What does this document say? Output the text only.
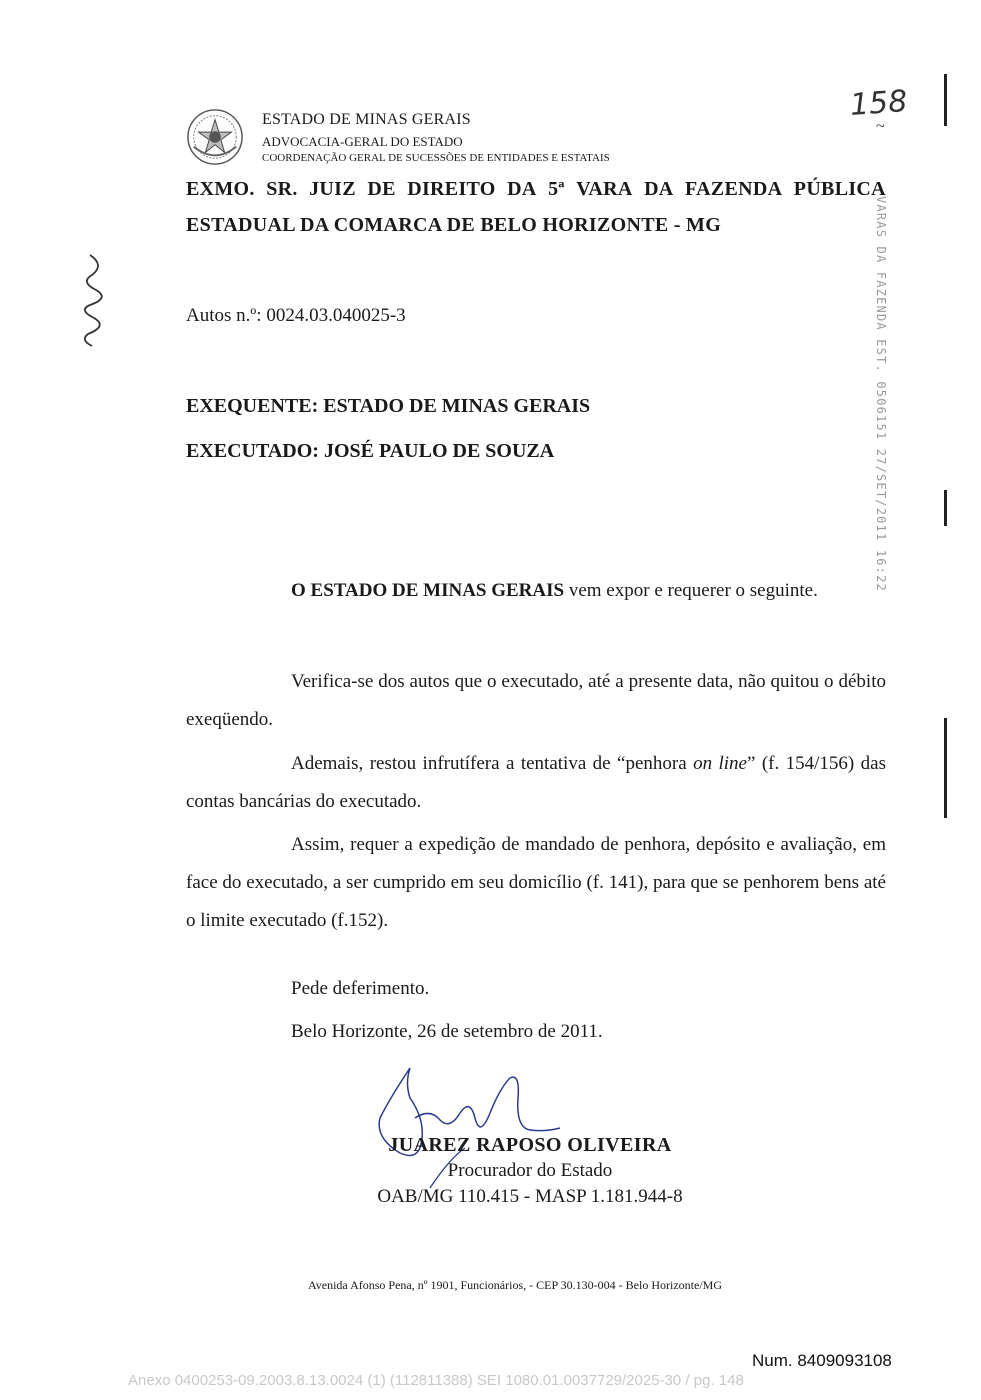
ESTADO DE MINAS GERAIS
ADVOCACIA-GERAL DO ESTADO
COORDENAÇÃO GERAL DE SUCESSÕES DE ENTIDADES E ESTATAIS
158
~
EXMO. SR. JUIZ DE DIREITO DA 5ª VARA DA FAZENDA PÚBLICA
ESTADUAL DA COMARCA DE BELO HORIZONTE - MG
Autos n.º: 0024.03.040025-3
EXEQUENTE: ESTADO DE MINAS GERAIS
EXECUTADO: JOSÉ PAULO DE SOUZA	VARAS DA FAZENDA EST. 0506151 27/SET/2011 16:22
O ESTADO DE MINAS GERAIS vem expor e requerer o seguinte.
Verifica-se dos autos que o executado, até a presente data, não quitou o débito exeqüendo.
Ademais, restou infrutífera a tentativa de “penhora on line” (f. 154/156) das contas bancárias do executado.
Assim, requer a expedição de mandado de penhora, depósito e avaliação, em face do executado, a ser cumprido em seu domicílio (f. 141), para que se penhorem bens até o limite executado (f.152).
Pede deferimento.
Belo Horizonte, 26 de setembro de 2011.
JUAREZ RAPOSO OLIVEIRA
Procurador do Estado
OAB/MG 110.415 - MASP 1.181.944-8
Avenida Afonso Pena, nº 1901, Funcionários, - CEP 30.130-004 - Belo Horizonte/MG
Num. 8409093108
Anexo 0400253-09.2003.8.13.0024 (1) (112811388) SEI 1080.01.0037729/2025-30 / pg. 148
